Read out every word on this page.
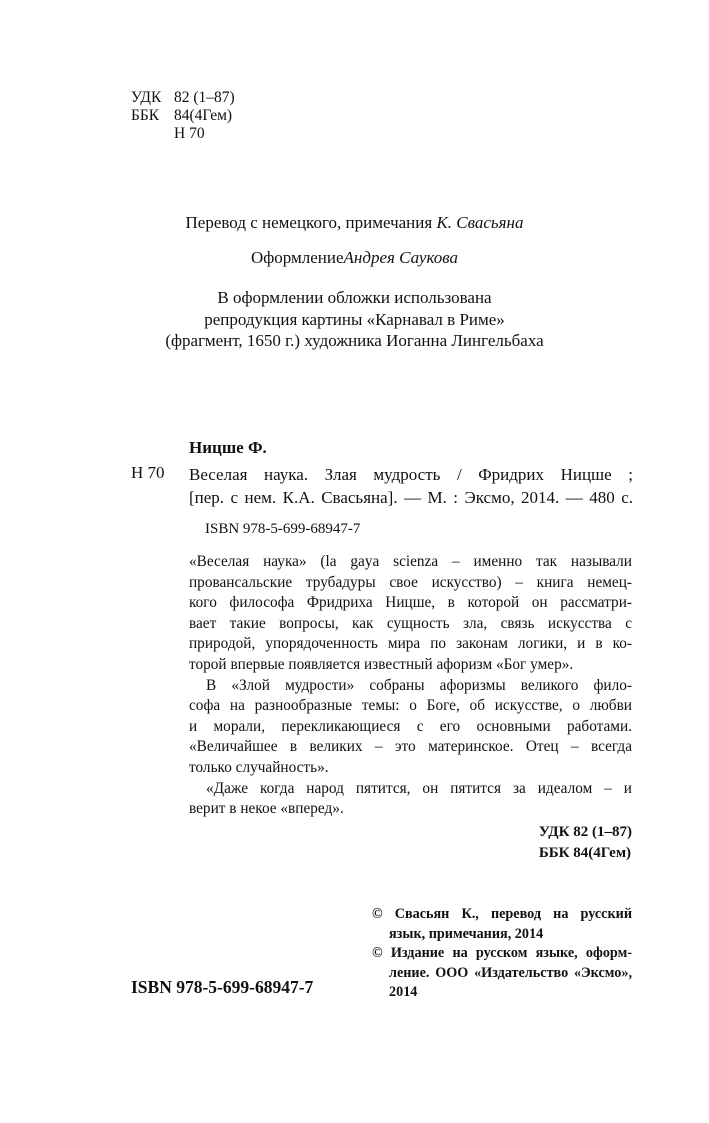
УДК 82 (1–87)
ББК 84(4Гем)
Н 70
Перевод с немецкого, примечания К. Свасьяна
ОформлениеАндрея Саукова
В оформлении обложки использована
репродукция картины «Карнавал в Риме»
(фрагмент, 1650 г.) художника Иоганна Лингельбаха
Ницше Ф.
Н 70 Веселая наука. Злая мудрость / Фридрих Ницше ;
[пер. с нем. К.А. Свасьяна]. — М. : Эксмо, 2014. — 480 с.
ISBN 978-5-699-68947-7
«Веселая наука» (la gaya scienza – именно так называли
провансальские трубадуры свое искусство) – книга немец-
кого философа Фридриха Ницше, в которой он рассматри-
вает такие вопросы, как сущность зла, связь искусства с
природой, упорядоченность мира по законам логики, и в ко-
торой впервые появляется известный афоризм «Бог умер».
В «Злой мудрости» собраны афоризмы великого фило-
софа на разнообразные темы: о Боге, об искусстве, о любви
и морали, перекликающиеся с его основными работами.
«Величайшее в великих – это материнское. Отец – всегда
только случайность».
«Даже когда народ пятится, он пятится за идеалом – и
верит в некое «вперед».
УДК 82 (1–87)
ББК 84(4Гем)
© Свасьян К., перевод на русский
язык, примечания, 2014
© Издание на русском языке, оформ-
ление. ООО «Издательство «Эксмо»,
2014
ISBN 978-5-699-68947-7
